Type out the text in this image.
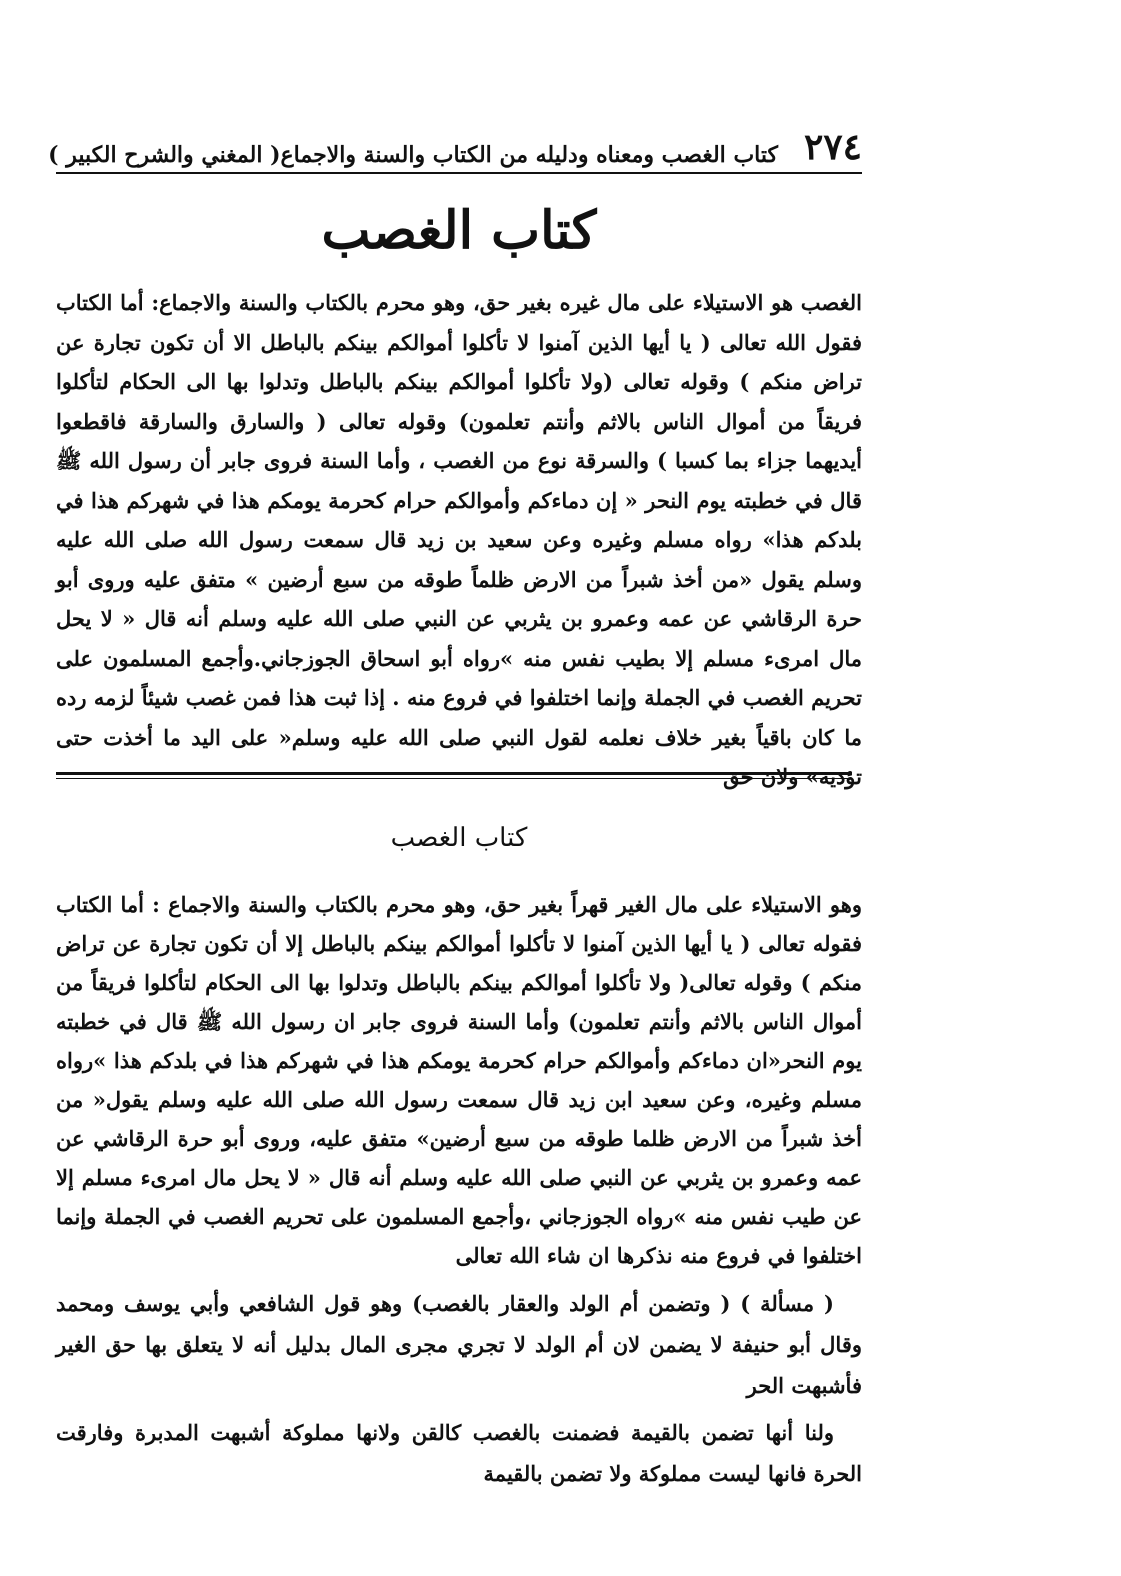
٢٧٤
كتاب الغصب ومعناه ودليله من الكتاب والسنة والاجماع
( المغني والشرح الكبير )
كتاب الغصب

الغصب هو الاستيلاء على مال غيره بغير حق، وهو محرم بالكتاب والسنة والاجماع: أما الكتاب فقول الله تعالى ( يا أيها الذين آمنوا لا تأكلوا أموالكم بينكم بالباطل الا أن تكون تجارة عن تراض منكم ) وقوله تعالى (ولا تأكلوا أموالكم بينكم بالباطل وتدلوا بها الى الحكام لتأكلوا فريقاً من أموال الناس بالاثم وأنتم تعلمون) وقوله تعالى ( والسارق والسارقة فاقطعوا أيديهما جزاء بما كسبا ) والسرقة نوع من الغصب ، وأما السنة فروى جابر أن رسول الله ﷺ قال في خطبته يوم النحر « إن دماءكم وأموالكم حرام كحرمة يومكم هذا في شهركم هذا في بلدكم هذا» رواه مسلم وغيره وعن سعيد بن زيد قال سمعت رسول الله صلى الله عليه وسلم يقول «من أخذ شبراً من الارض ظلماً طوقه من سبع أرضين » متفق عليه وروى أبو حرة الرقاشي عن عمه وعمرو بن يثربي عن النبي صلى الله عليه وسلم أنه قال « لا يحل مال امرىء مسلم إلا بطيب نفس منه »رواه أبو اسحاق الجوزجاني.وأجمع المسلمون على تحريم الغصب في الجملة وإنما اختلفوا في فروع منه . إذا ثبت هذا فمن غصب شيئاً لزمه رده ما كان باقياً بغير خلاف نعلمه لقول النبي صلى الله عليه وسلم« على اليد ما أخذت حتى تؤديه» ولان حق

كتاب الغصب

وهو الاستيلاء على مال الغير قهراً بغير حق، وهو محرم بالكتاب والسنة والاجماع : أما الكتاب فقوله تعالى ( يا أيها الذين آمنوا لا تأكلوا أموالكم بينكم بالباطل إلا أن تكون تجارة عن تراض منكم ) وقوله تعالى( ولا تأكلوا أموالكم بينكم بالباطل وتدلوا بها الى الحكام لتأكلوا فريقاً من أموال الناس بالاثم وأنتم تعلمون) وأما السنة فروى جابر ان رسول الله ﷺ قال في خطبته يوم النحر«ان دماءكم وأموالكم حرام كحرمة يومكم هذا في شهركم هذا في بلدكم هذا »رواه مسلم وغيره، وعن سعيد ابن زيد قال سمعت رسول الله صلى الله عليه وسلم يقول« من أخذ شبراً من الارض ظلما طوقه من سبع أرضين» متفق عليه، وروى أبو حرة الرقاشي عن عمه وعمرو بن يثربي عن النبي صلى الله عليه وسلم أنه قال « لا يحل مال امرىء مسلم إلا عن طيب نفس منه »رواه الجوزجاني ،وأجمع المسلمون على تحريم الغصب في الجملة وإنما اختلفوا في فروع منه نذكرها ان شاء الله تعالى

( مسألة ) ( وتضمن أم الولد والعقار بالغصب) وهو قول الشافعي وأبي يوسف ومحمد وقال أبو حنيفة لا يضمن لان أم الولد لا تجري مجرى المال بدليل أنه لا يتعلق بها حق الغير فأشبهت الحر

ولنا أنها تضمن بالقيمة فضمنت بالغصب كالقن ولانها مملوكة أشبهت المدبرة وفارقت الحرة فانها ليست مملوكة ولا تضمن بالقيمة
